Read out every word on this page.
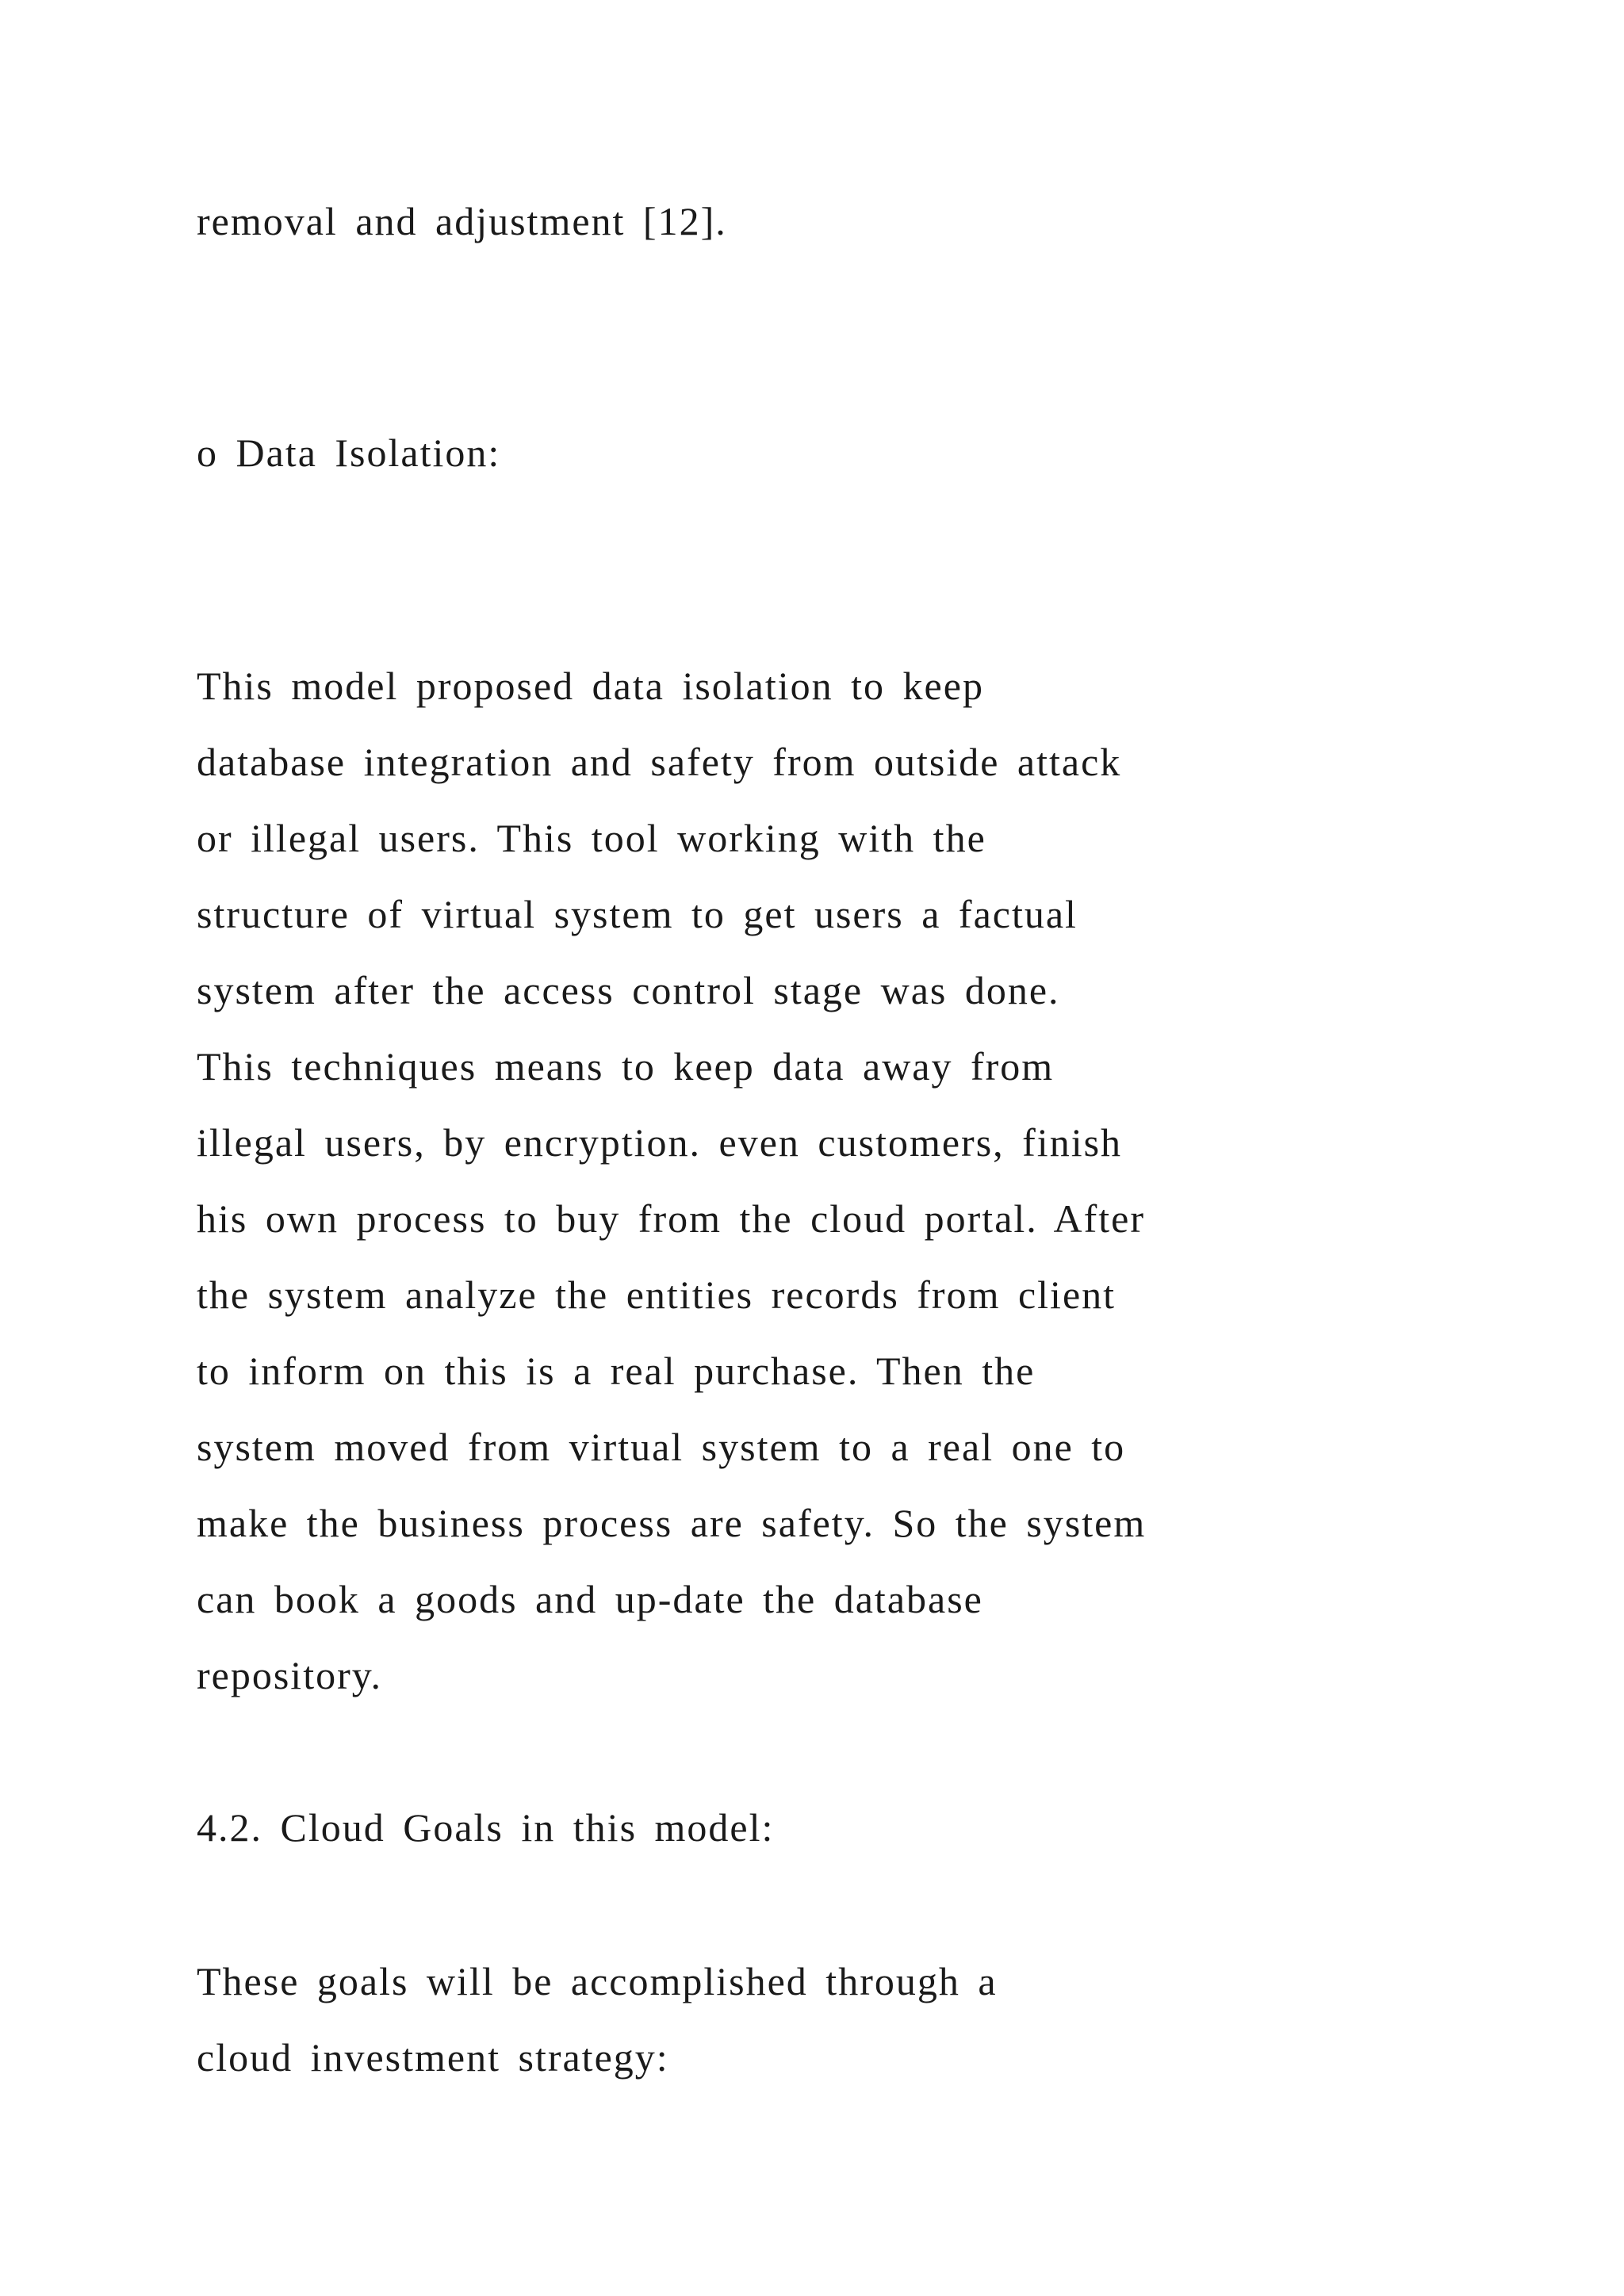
removal and adjustment [12].
o Data Isolation:
This model proposed data isolation to keep
database integration and safety from outside attack
or illegal users. This tool working with the
structure of virtual system to get users a factual
system after the access control stage was done.
This techniques means to keep data away from
illegal users, by encryption. even customers, finish
his own process to buy from the cloud portal. After
the system analyze the entities records from client
to inform on this is a real purchase. Then the
system moved from virtual system to a real one to
make the business process are safety. So the system
can book a goods and up-date the database
repository.
4.2. Cloud Goals in this model:
These goals will be accomplished through a
cloud investment strategy:
